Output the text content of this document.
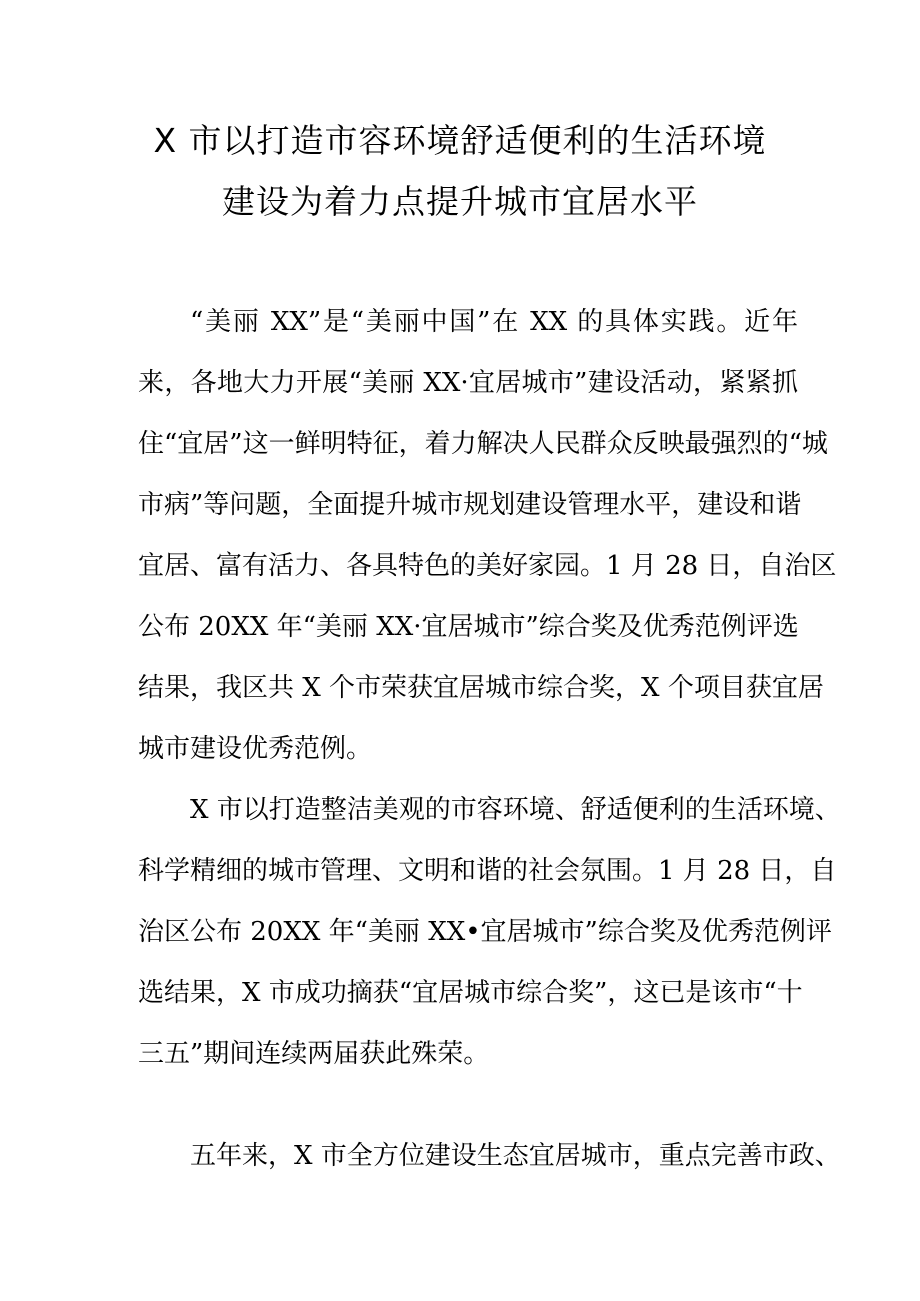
X 市以打造市容环境舒适便利的生活环境
建设为着力点提升城市宜居水平
“美丽 XX”是“美丽中国”在 XX 的具体实践。近年
来，各地大力开展“美丽 XX·宜居城市”建设活动，紧紧抓
住“宜居”这一鲜明特征，着力解决人民群众反映最强烈的“城
市病”等问题，全面提升城市规划建设管理水平，建设和谐
宜居、富有活力、各具特色的美好家园。1 月 28 日，自治区
公布 20XX 年“美丽 XX·宜居城市”综合奖及优秀范例评选
结果，我区共 X 个市荣获宜居城市综合奖，X 个项目获宜居
城市建设优秀范例。
X 市以打造整洁美观的市容环境、舒适便利的生活环境、
科学精细的城市管理、文明和谐的社会氛围。1 月 28 日，自
治区公布 20XX 年“美丽 XX•宜居城市”综合奖及优秀范例评
选结果，X 市成功摘获“宜居城市综合奖”，这已是该市“十
三五”期间连续两届获此殊荣。
五年来，X 市全方位建设生态宜居城市，重点完善市政、
